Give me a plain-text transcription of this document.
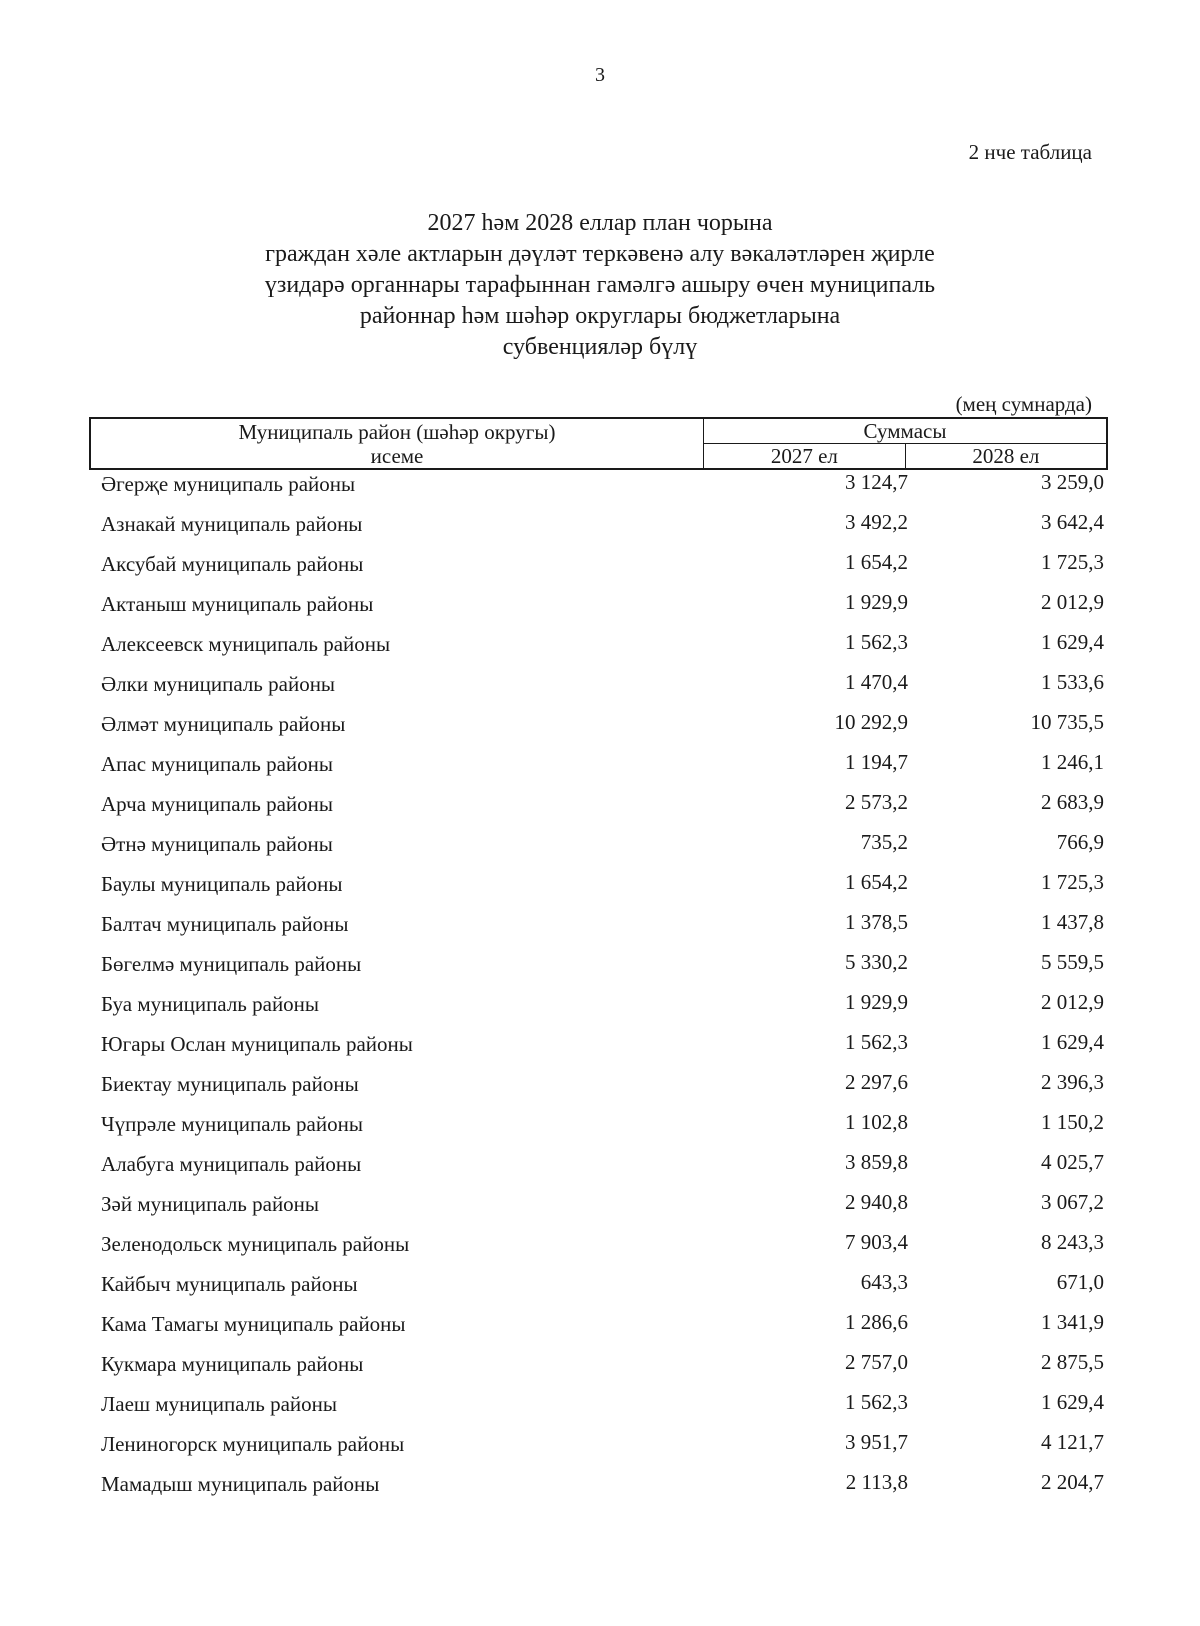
3
2 нче таблица
2027 һәм 2028 еллар план чорына
граждан хәле актларын дәүләт теркәвенә алу вәкаләтләрен җирле
үзидарә органнары тарафыннан гамәлгә ашыру өчен муниципаль
районнар һәм шәһәр округлары бюджетларына
субвенцияләр бүлү
(мең сумнарда)
Муниципаль район (шәһәр округы)
исеме	Суммасы	
	2027 ел	2028 ел
Әгерҗе муниципаль районы	3 124,7	3 259,0
Азнакай муниципаль районы	3 492,2	3 642,4
Аксубай муниципаль районы	1 654,2	1 725,3
Актаныш муниципаль районы	1 929,9	2 012,9
Алексеевск муниципаль районы	1 562,3	1 629,4
Әлки муниципаль районы	1 470,4	1 533,6
Әлмәт муниципаль районы	10 292,9	10 735,5
Апас муниципаль районы	1 194,7	1 246,1
Арча муниципаль районы	2 573,2	2 683,9
Әтнә муниципаль районы	735,2	766,9
Баулы муниципаль районы	1 654,2	1 725,3
Балтач муниципаль районы	1 378,5	1 437,8
Бөгелмә муниципаль районы	5 330,2	5 559,5
Буа муниципаль районы	1 929,9	2 012,9
Югары Ослан муниципаль районы	1 562,3	1 629,4
Биектау муниципаль районы	2 297,6	2 396,3
Чүпрәле муниципаль районы	1 102,8	1 150,2
Алабуга муниципаль районы	3 859,8	4 025,7
Зәй муниципаль районы	2 940,8	3 067,2
Зеленодольск муниципаль районы	7 903,4	8 243,3
Кайбыч муниципаль районы	643,3	671,0
Кама Тамагы муниципаль районы	1 286,6	1 341,9
Кукмара муниципаль районы	2 757,0	2 875,5
Лаеш муниципаль районы	1 562,3	1 629,4
Лениногорск муниципаль районы	3 951,7	4 121,7
Мамадыш муниципаль районы	2 113,8	2 204,7
